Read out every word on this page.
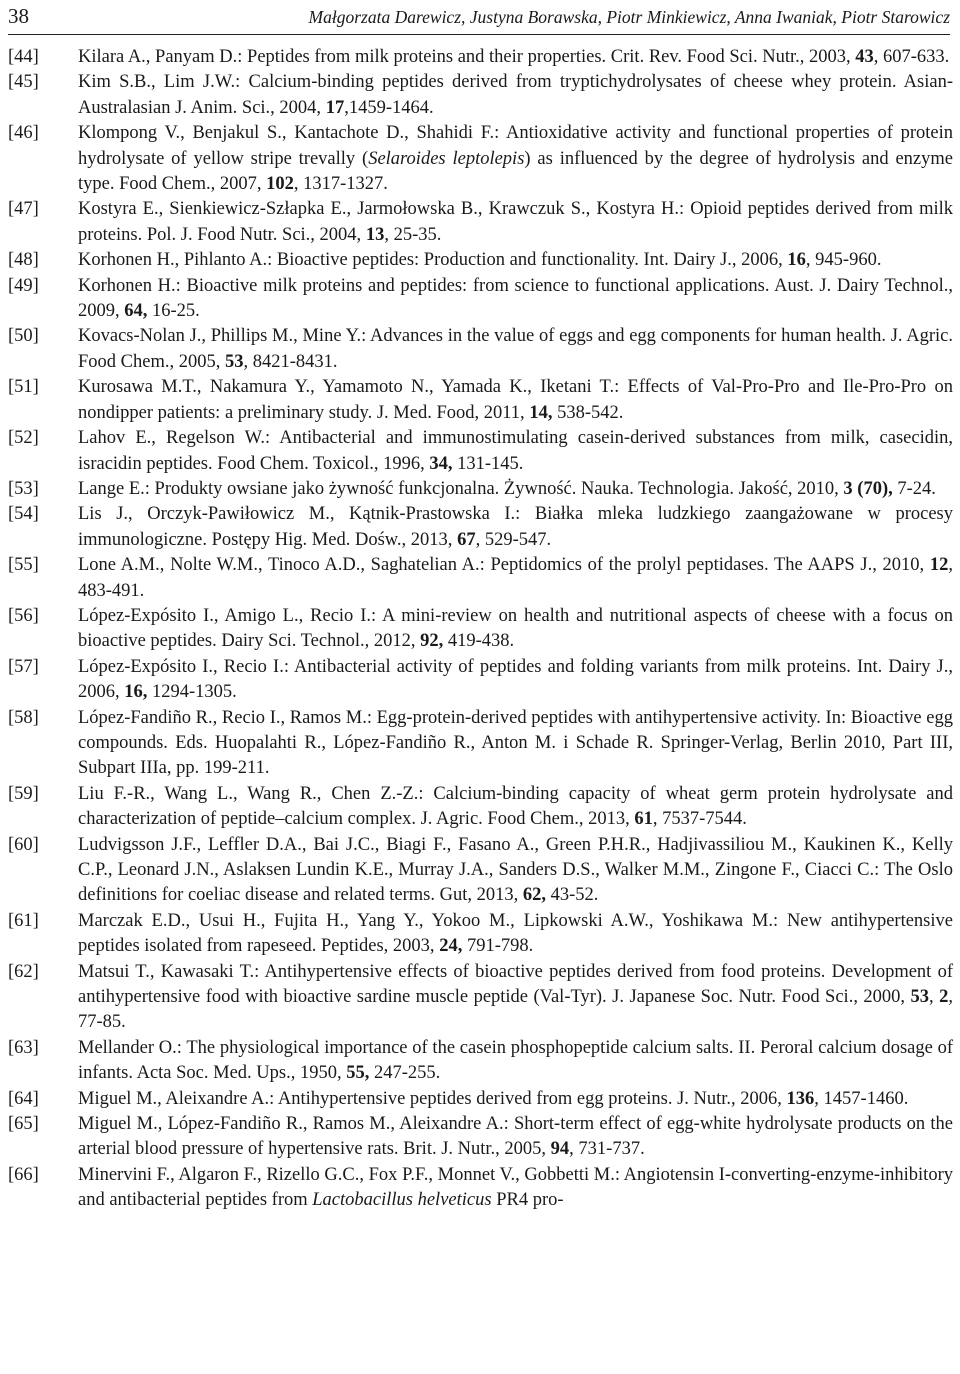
38	Małgorzata Darewicz, Justyna Borawska, Piotr Minkiewicz, Anna Iwaniak, Piotr Starowicz
[44]	Kilara A., Panyam D.: Peptides from milk proteins and their properties. Crit. Rev. Food Sci. Nutr., 2003, 43, 607-633.
[45]	Kim S.B., Lim J.W.: Calcium-binding peptides derived from tryptichydrolysates of cheese whey protein. Asian-Australasian J. Anim. Sci., 2004, 17,1459-1464.
[46]	Klompong V., Benjakul S., Kantachote D., Shahidi F.: Antioxidative activity and functional properties of protein hydrolysate of yellow stripe trevally (Selaroides leptolepis) as influenced by the degree of hydrolysis and enzyme type. Food Chem., 2007, 102, 1317-1327.
[47]	Kostyra E., Sienkiewicz-Szłapka E., Jarmołowska B., Krawczuk S., Kostyra H.: Opioid peptides derived from milk proteins. Pol. J. Food Nutr. Sci., 2004, 13, 25-35.
[48]	Korhonen H., Pihlanto A.: Bioactive peptides: Production and functionality. Int. Dairy J., 2006, 16, 945-960.
[49]	Korhonen H.: Bioactive milk proteins and peptides: from science to functional applications. Aust. J. Dairy Technol., 2009, 64, 16-25.
[50]	Kovacs-Nolan J., Phillips M., Mine Y.: Advances in the value of eggs and egg components for human health. J. Agric. Food Chem., 2005, 53, 8421-8431.
[51]	Kurosawa M.T., Nakamura Y., Yamamoto N., Yamada K., Iketani T.: Effects of Val-Pro-Pro and Ile-Pro-Pro on nondipper patients: a preliminary study. J. Med. Food, 2011, 14, 538-542.
[52]	Lahov E., Regelson W.: Antibacterial and immunostimulating casein-derived substances from milk, casecidin, isracidin peptides. Food Chem. Toxicol., 1996, 34, 131-145.
[53]	Lange E.: Produkty owsiane jako żywność funkcjonalna. Żywność. Nauka. Technologia. Jakość, 2010, 3 (70), 7-24.
[54]	Lis J., Orczyk-Pawiłowicz M., Kątnik-Prastowska I.: Białka mleka ludzkiego zaangażowane w procesy immunologiczne. Postępy Hig. Med. Dośw., 2013, 67, 529-547.
[55]	Lone A.M., Nolte W.M., Tinoco A.D., Saghatelian A.: Peptidomics of the prolyl peptidases. The AAPS J., 2010, 12, 483-491.
[56]	López-Expósito I., Amigo L., Recio I.: A mini-review on health and nutritional aspects of cheese with a focus on bioactive peptides. Dairy Sci. Technol., 2012, 92, 419-438.
[57]	López-Expósito I., Recio I.: Antibacterial activity of peptides and folding variants from milk proteins. Int. Dairy J., 2006, 16, 1294-1305.
[58]	López-Fandiño R., Recio I., Ramos M.: Egg-protein-derived peptides with antihypertensive activity. In: Bioactive egg compounds. Eds. Huopalahti R., López-Fandiño R., Anton M. i Schade R. Springer-Verlag, Berlin 2010, Part III, Subpart IIIa, pp. 199-211.
[59]	Liu F.-R., Wang L., Wang R., Chen Z.-Z.: Calcium-binding capacity of wheat germ protein hydrolysate and characterization of peptide–calcium complex. J. Agric. Food Chem., 2013, 61, 7537-7544.
[60]	Ludvigsson J.F., Leffler D.A., Bai J.C., Biagi F., Fasano A., Green P.H.R., Hadjivassiliou M., Kaukinen K., Kelly C.P., Leonard J.N., Aslaksen Lundin K.E., Murray J.A., Sanders D.S., Walker M.M., Zingone F., Ciacci C.: The Oslo definitions for coeliac disease and related terms. Gut, 2013, 62, 43-52.
[61]	Marczak E.D., Usui H., Fujita H., Yang Y., Yokoo M., Lipkowski A.W., Yoshikawa M.: New antihypertensive peptides isolated from rapeseed. Peptides, 2003, 24, 791-798.
[62]	Matsui T., Kawasaki T.: Antihypertensive effects of bioactive peptides derived from food proteins. Development of antihypertensive food with bioactive sardine muscle peptide (Val-Tyr). J. Japanese Soc. Nutr. Food Sci., 2000, 53, 2, 77-85.
[63]	Mellander O.: The physiological importance of the casein phosphopeptide calcium salts. II. Peroral calcium dosage of infants. Acta Soc. Med. Ups., 1950, 55, 247-255.
[64]	Miguel M., Aleixandre A.: Antihypertensive peptides derived from egg proteins. J. Nutr., 2006, 136, 1457-1460.
[65]	Miguel M., López-Fandiño R., Ramos M., Aleixandre A.: Short-term effect of egg-white hydrolysate products on the arterial blood pressure of hypertensive rats. Brit. J. Nutr., 2005, 94, 731-737.
[66]	Minervini F., Algaron F., Rizello G.C., Fox P.F., Monnet V., Gobbetti M.: Angiotensin I-converting-enzyme-inhibitory and antibacterial peptides from Lactobacillus helveticus PR4 pro-
